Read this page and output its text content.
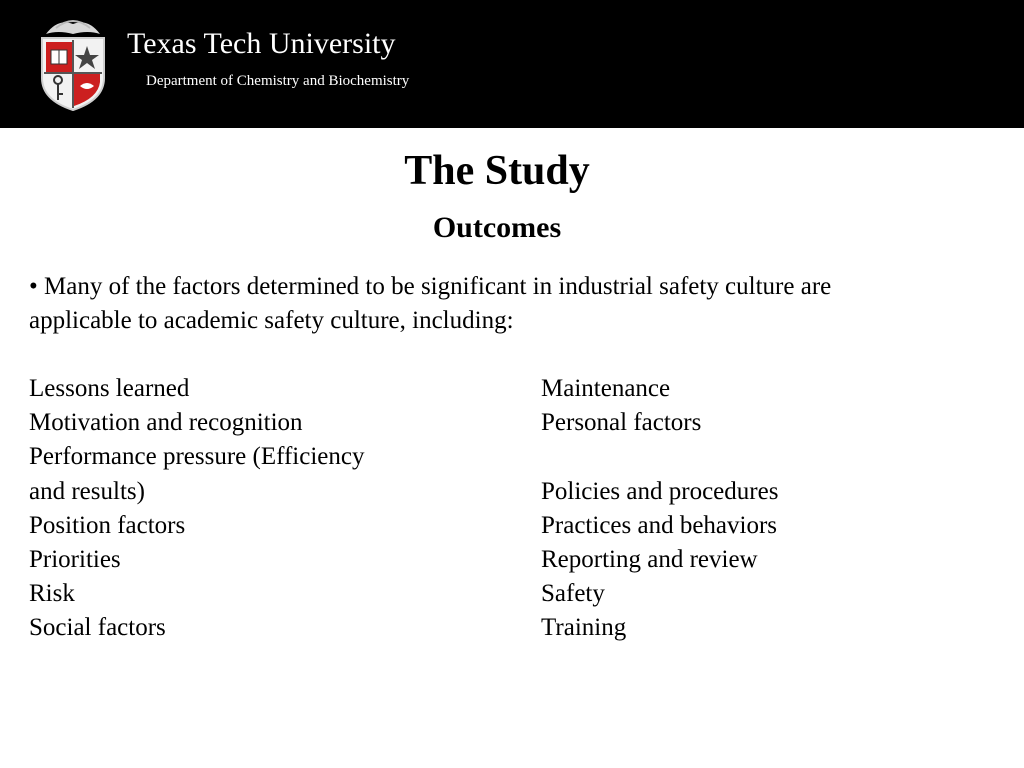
Texas Tech University
Department of Chemistry and Biochemistry
The Study
Outcomes
• Many of the factors determined to be significant in industrial safety culture are applicable to academic safety culture, including:
Lessons learned
Motivation and recognition
Performance pressure (Efficiency
and results)
Position factors
Priorities
Risk
Social factors
Maintenance
Personal factors
Policies and procedures
Practices and behaviors
Reporting and review
Safety
Training
